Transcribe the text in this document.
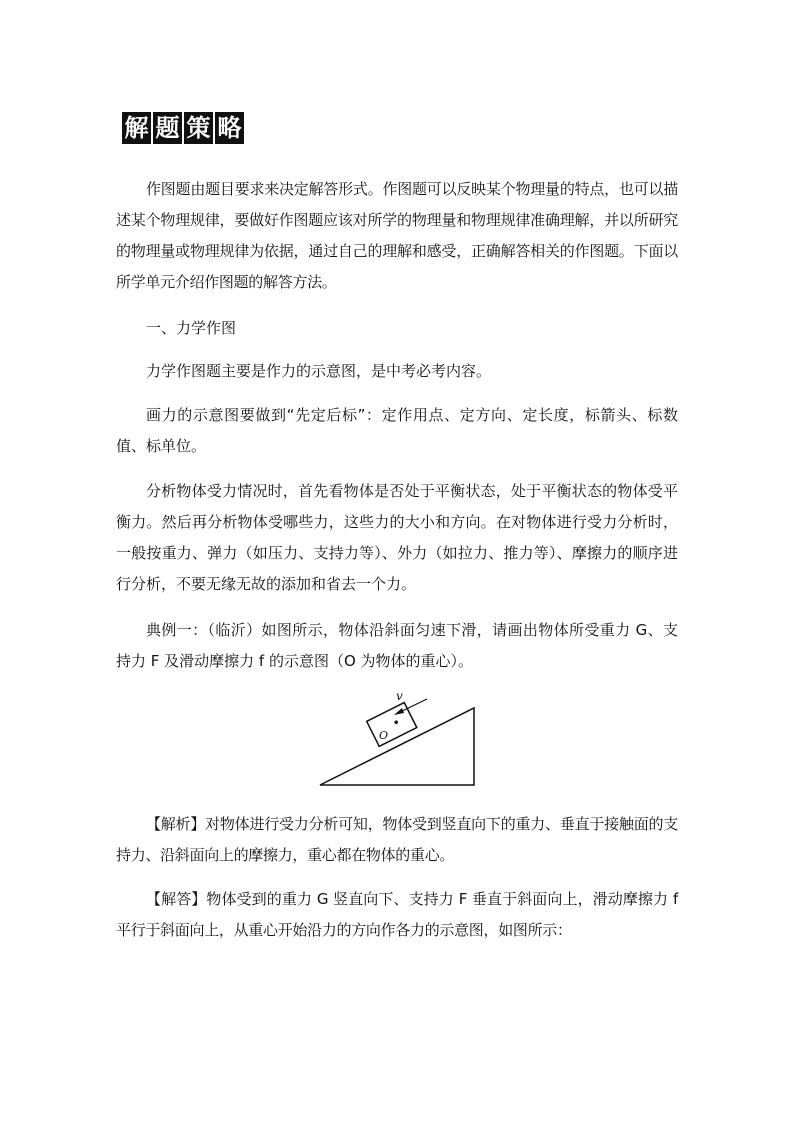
解 题 策 略

作图题由题目要求来决定解答形式。作图题可以反映某个物理量的特点，也可以描述某个物理规律，要做好作图题应该对所学的物理量和物理规律准确理解，并以所研究的物理量或物理规律为依据，通过自己的理解和感受，正确解答相关的作图题。下面以所学单元介绍作图题的解答方法。

一、力学作图

力学作图题主要是作力的示意图，是中考必考内容。

画力的示意图要做到“先定后标”：定作用点、定方向、定长度，标箭头、标数值、标单位。

分析物体受力情况时，首先看物体是否处于平衡状态，处于平衡状态的物体受平衡力。然后再分析物体受哪些力，这些力的大小和方向。在对物体进行受力分析时，一般按重力、弹力（如压力、支持力等）、外力（如拉力、推力等）、摩擦力的顺序进行分析，不要无缘无故的添加和省去一个力。

典例一：（临沂）如图所示，物体沿斜面匀速下滑，请画出物体所受重力 G、支持力 F 及滑动摩擦力 f 的示意图（O 为物体的重心）。

v
O

【解析】对物体进行受力分析可知，物体受到竖直向下的重力、垂直于接触面的支持力、沿斜面向上的摩擦力，重心都在物体的重心。

【解答】物体受到的重力 G 竖直向下、支持力 F 垂直于斜面向上，滑动摩擦力 f 平行于斜面向上，从重心开始沿力的方向作各力的示意图，如图所示：
